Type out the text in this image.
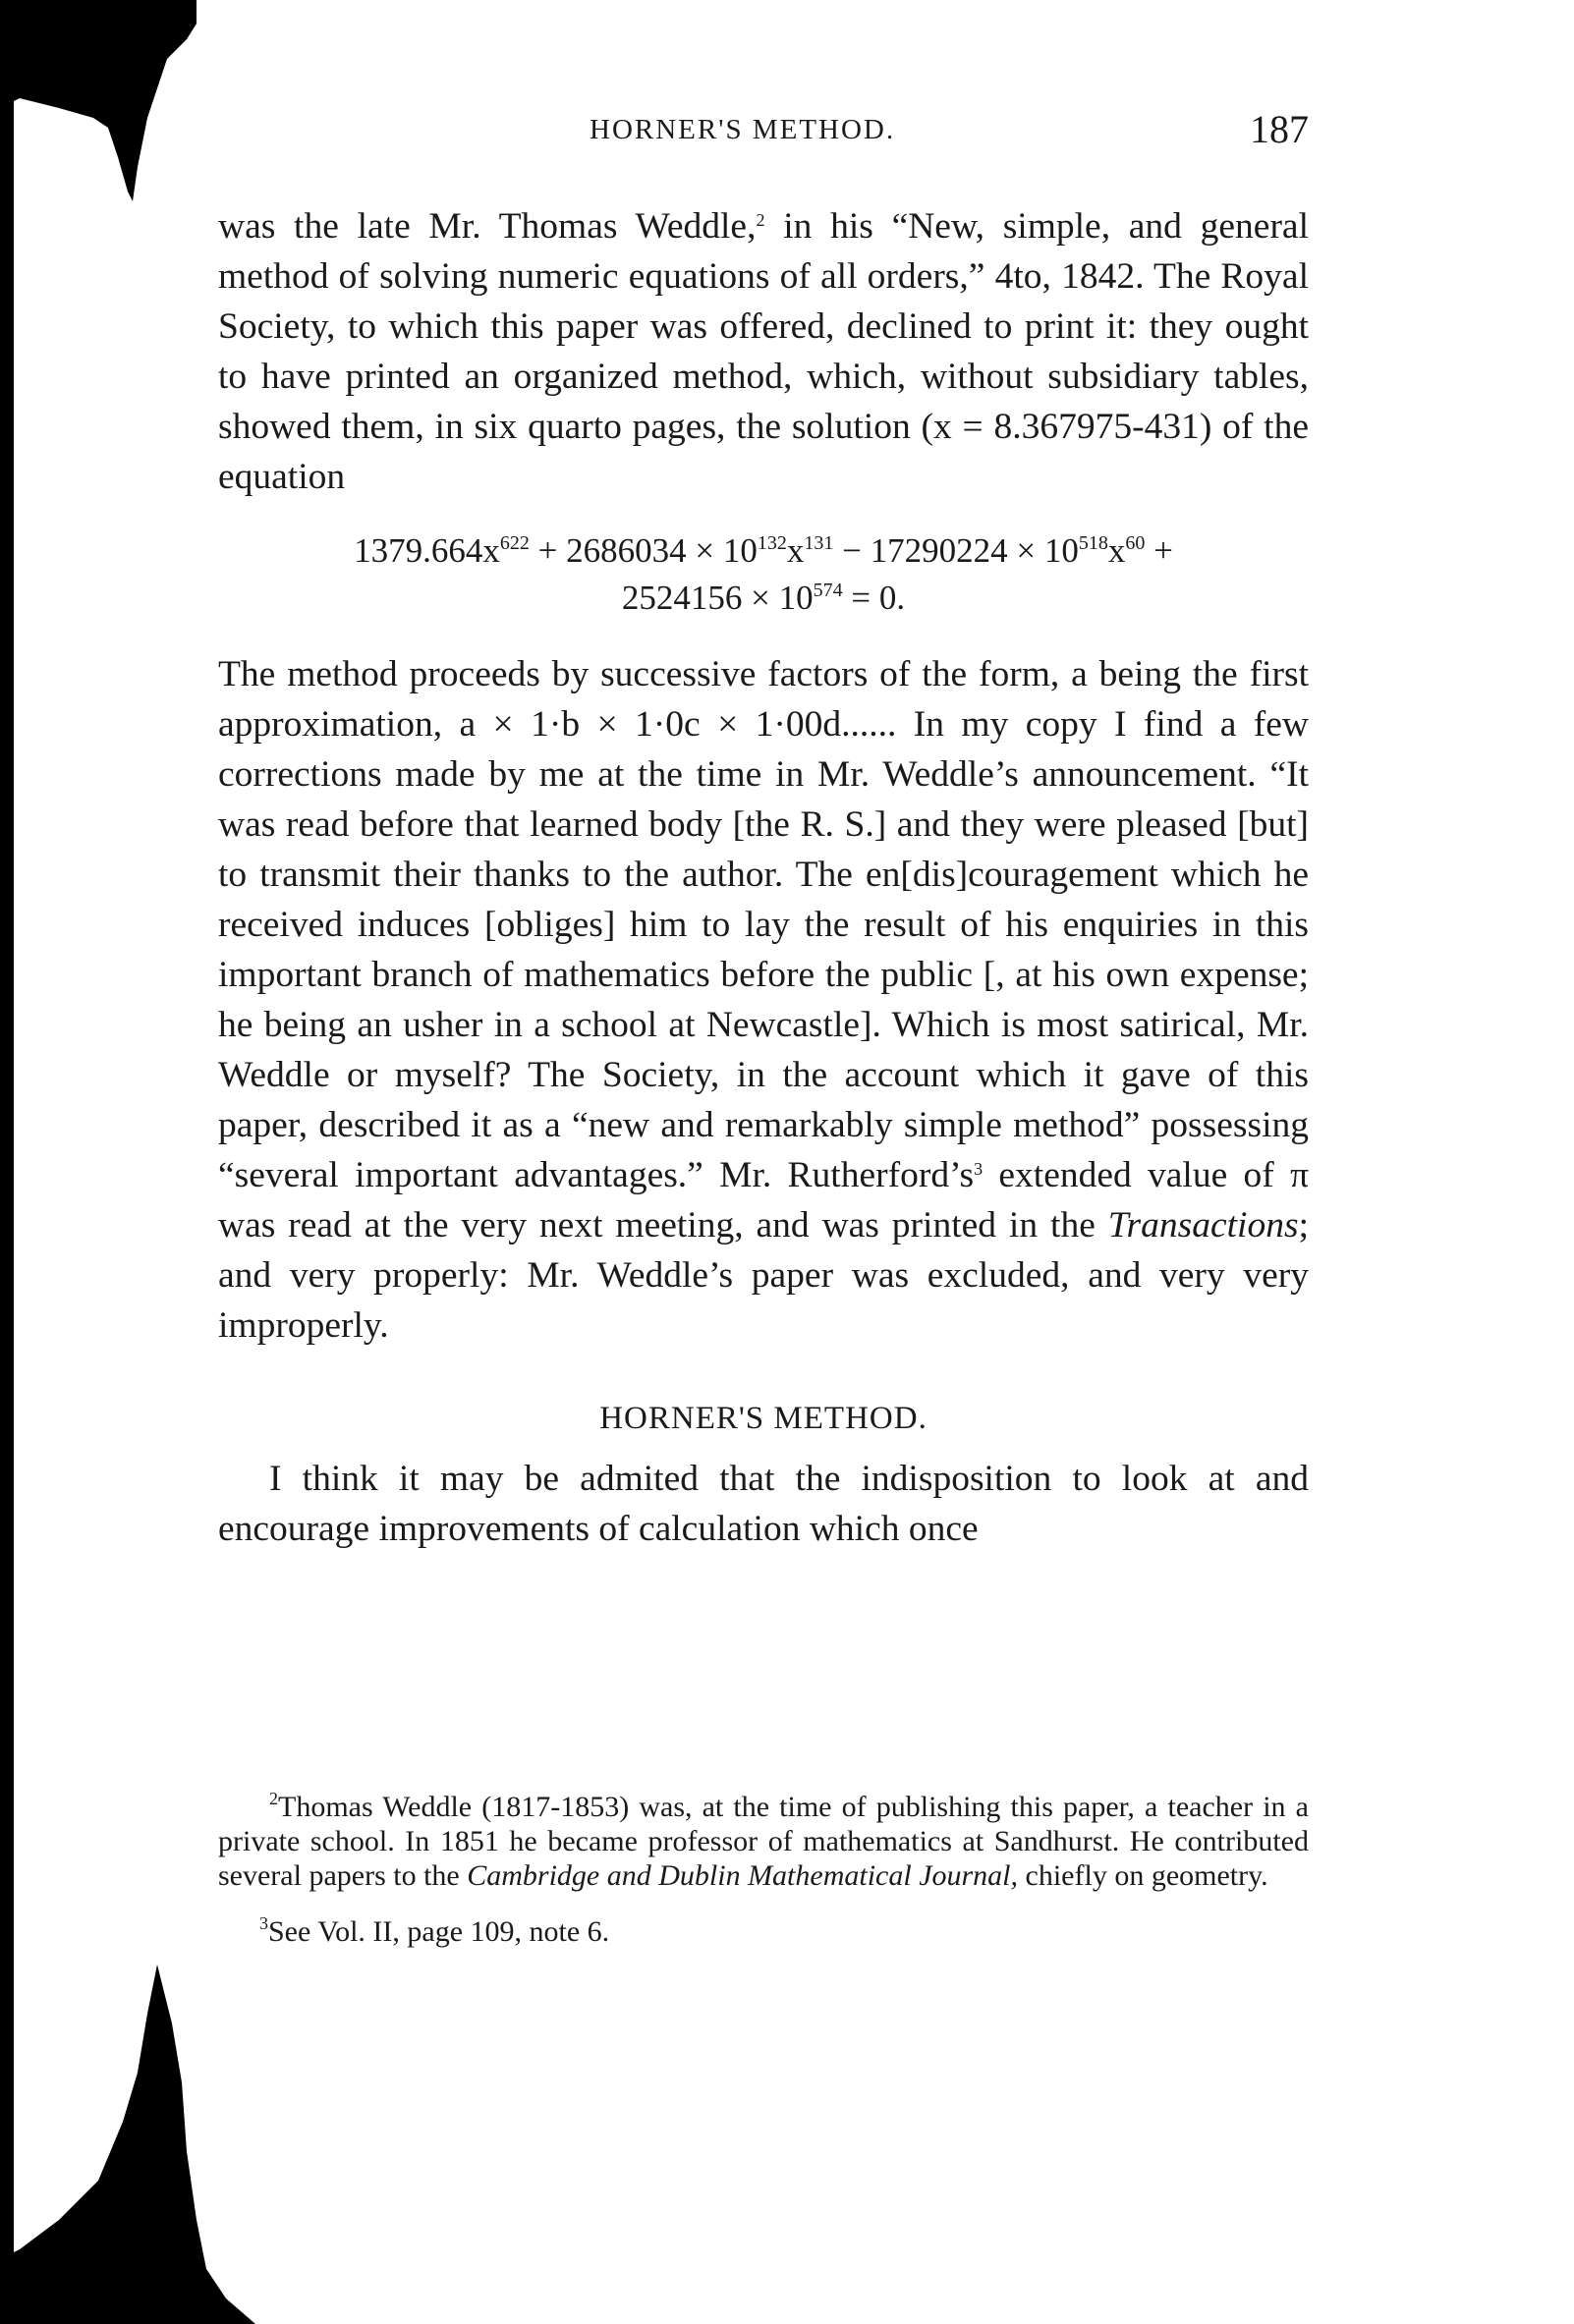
HORNER'S METHOD.	187

was the late Mr. Thomas Weddle,$^2$ in his “New, simple, and general method of solving numeric equations of all orders,” 4to, 1842. The Royal Society, to which this paper was offered, declined to print it: they ought to have printed an organized method, which, without subsidiary tables, showed them, in six quarto pages, the solution (x = 8.367975-431) of the equation

$1379.664x^{622} + 2686034 \times 10^{132}x^{131} - 17290224 \times 10^{518}x^{60}$ +
$2524156 \times 10^{574} = 0$.

The method proceeds by successive factors of the form, a being the first approximation, a × 1·b × 1·0c × 1·00d...... In my copy I find a few corrections made by me at the time in Mr. Weddle’s announcement. “It was read before that learned body [the R. S.] and they were pleased [but] to transmit their thanks to the author. The en[dis]couragement which he received induces [obliges] him to lay the result of his enquiries in this important branch of mathematics before the public [, at his own expense; he being an usher in a school at Newcastle]. Which is most satirical, Mr. Weddle or myself? The Society, in the account which it gave of this paper, described it as a “new and remarkably simple method” possessing “several important advantages.” Mr. Rutherford’s$^3$ extended value of π was read at the very next meeting, and was printed in the Transactions; and very properly: Mr. Weddle’s paper was excluded, and very very improperly.

HORNER'S METHOD.

I think it may be admited that the indisposition to look at and encourage improvements of calculation which once

$^2$Thomas Weddle (1817-1853) was, at the time of publishing this paper, a teacher in a private school. In 1851 he became professor of mathematics at Sandhurst. He contributed several papers to the Cambridge and Dublin Mathematical Journal, chiefly on geometry.

$^3$See Vol. II, page 109, note 6.
